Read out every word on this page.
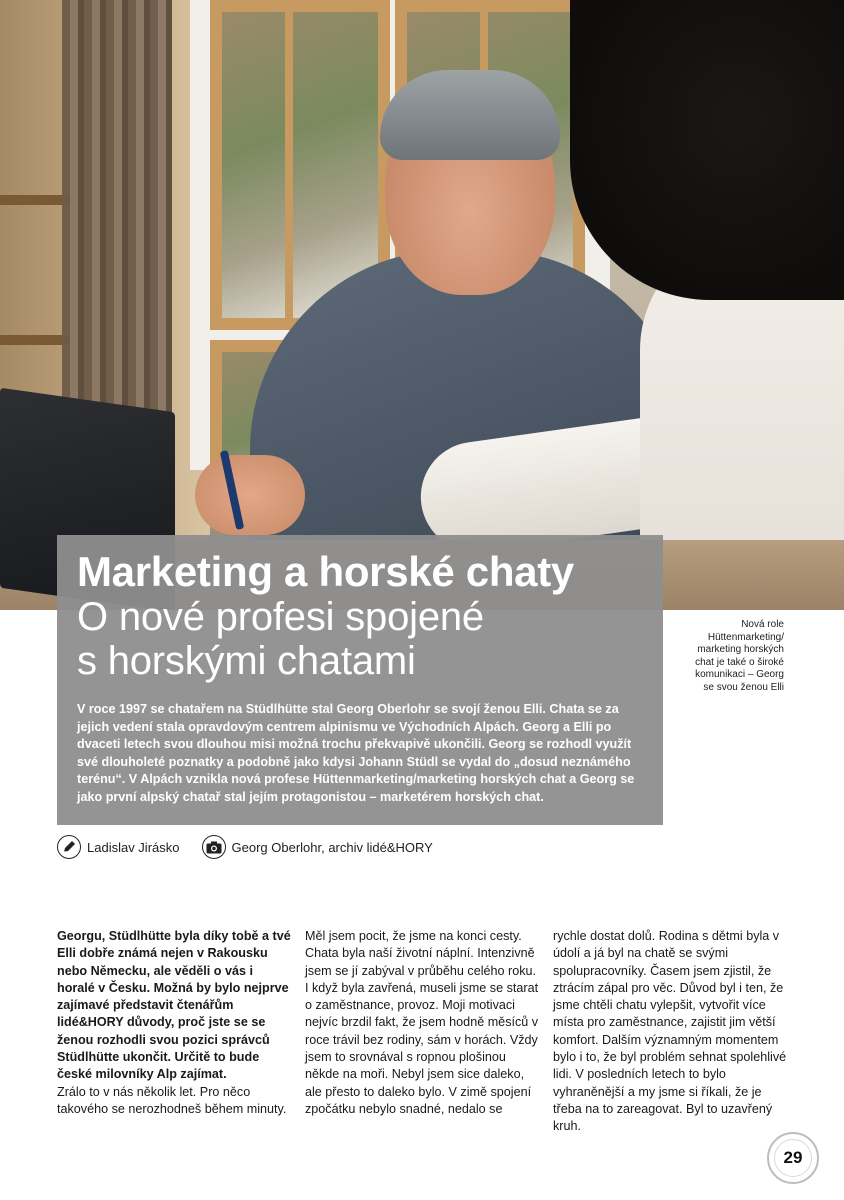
Marketing a horské chaty
O nové profesi spojené
s horskými chatami
V roce 1997 se chatařem na Stüdlhütte stal Georg Oberlohr se svojí ženou Elli. Chata se za jejich vedení stala opravdovým centrem alpinismu ve Východních Alpách. Georg a Elli po dvaceti letech svou dlouhou misi možná trochu překvapivě ukončili. Georg se rozhodl využít své dlouholeté poznatky a podobně jako kdysi Johann Stüdl se vydal do „dosud neznámého terénu“. V Alpách vznikla nová profese Hüttenmarketing/marketing horských chat a Georg se jako první alpský chatař stal jejím protagonistou – marketérem horských chat.
Nová role
Hüttenmarketing/
marketing horských
chat je také o široké
komunikaci – Georg
se svou ženou Elli
Ladislav Jirásko	Georg Oberlohr, archiv lidé&HORY
Georgu, Stüdlhütte byla díky tobě a tvé Elli dobře známá nejen v Rakousku nebo Německu, ale věděli o vás i horalé v Česku. Možná by bylo nejprve zajímavé představit čtenářům lidé&HORY důvody, proč jste se se ženou rozhodli svou pozici správců Stüdlhütte ukončit. Určitě to bude české milovníky Alp zajímat.
Zrálo to v nás několik let. Pro něco takového se nerozhodneš během minuty.
Měl jsem pocit, že jsme na konci cesty. Chata byla naší životní náplní. Intenzivně jsem se jí zabýval v průběhu celého roku. I když byla zavřená, museli jsme se starat o zaměstnance, provoz. Moji motivaci nejvíc brzdil fakt, že jsem hodně měsíců v roce trávil bez rodiny, sám v horách. Vždy jsem to srovnával s ropnou plošinou někde na moři. Nebyl jsem sice daleko, ale přesto to daleko bylo. V zimě spojení zpočátku nebylo snadné, nedalo se
rychle dostat dolů. Rodina s dětmi byla v údolí a já byl na chatě se svými spolupracovníky. Časem jsem zjistil, že ztrácím zápal pro věc. Důvod byl i ten, že jsme chtěli chatu vylepšit, vytvořit více místa pro zaměstnance, zajistit jim větší komfort. Dalším významným momentem bylo i to, že byl problém sehnat spolehlivé lidi. V posledních letech to bylo vyhraněnější a my jsme si říkali, že je třeba na to zareagovat. Byl to uzavřený kruh.
29
